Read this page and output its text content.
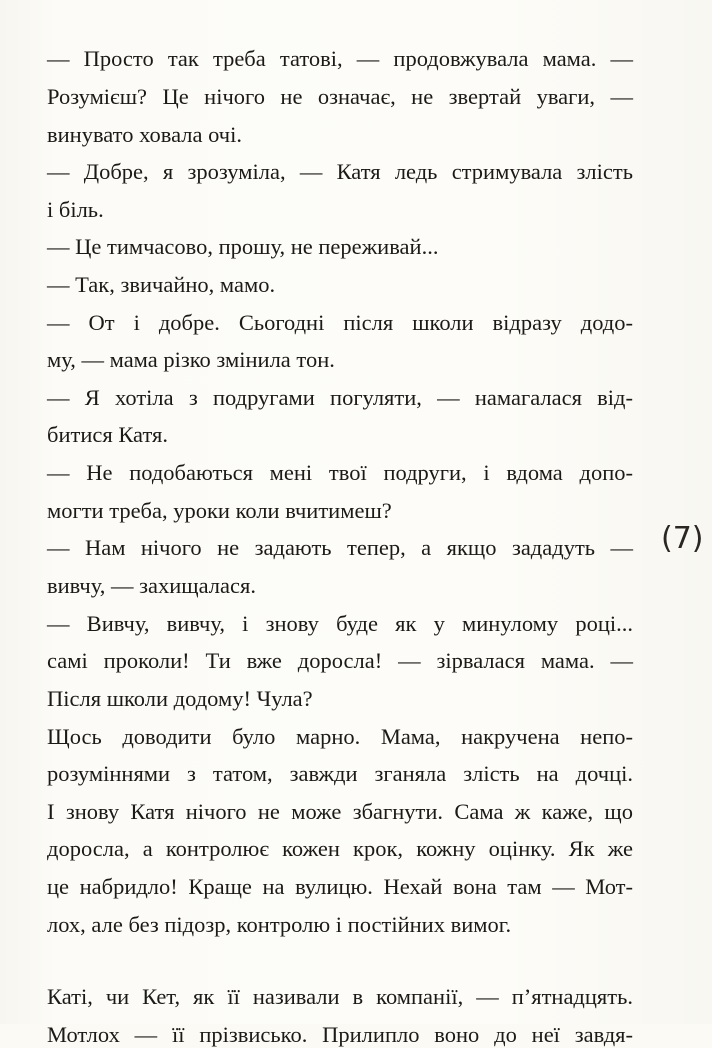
— Просто так треба татові, — продовжувала мама. —
Розумієш? Це нічого не означає, не звертай уваги, —
винувато ховала очі.
— Добре, я зрозуміла, — Катя ледь стримувала злість
і біль.
— Це тимчасово, прошу, не переживай...
— Так, звичайно, мамо.
— От і добре. Сьогодні після школи відразу додо-
му, — мама різко змінила тон.
— Я хотіла з подругами погуляти, — намагалася від-
битися Катя.
— Не подобаються мені твої подруги, і вдома допо-
могти треба, уроки коли вчитимеш?
— Нам нічого не задають тепер, а якщо зададуть —
вивчу, — захищалася.
— Вивчу, вивчу, і знову буде як у минулому році...
самі проколи! Ти вже доросла! — зірвалася мама. —
Після школи додому! Чула?
Щось доводити було марно. Мама, накручена непо-
розуміннями з татом, завжди зганяла злість на дочці.
І знову Катя нічого не може збагнути. Сама ж каже, що
доросла, а контролює кожен крок, кожну оцінку. Як же
це набридло! Краще на вулицю. Нехай вона там — Мот-
лох, але без підозр, контролю і постійних вимог.
Каті, чи Кет, як її називали в компанії, — п’ятнадцять.
Мотлох — її прізвисько. Прилипло воно до неї завдя-
(7)
